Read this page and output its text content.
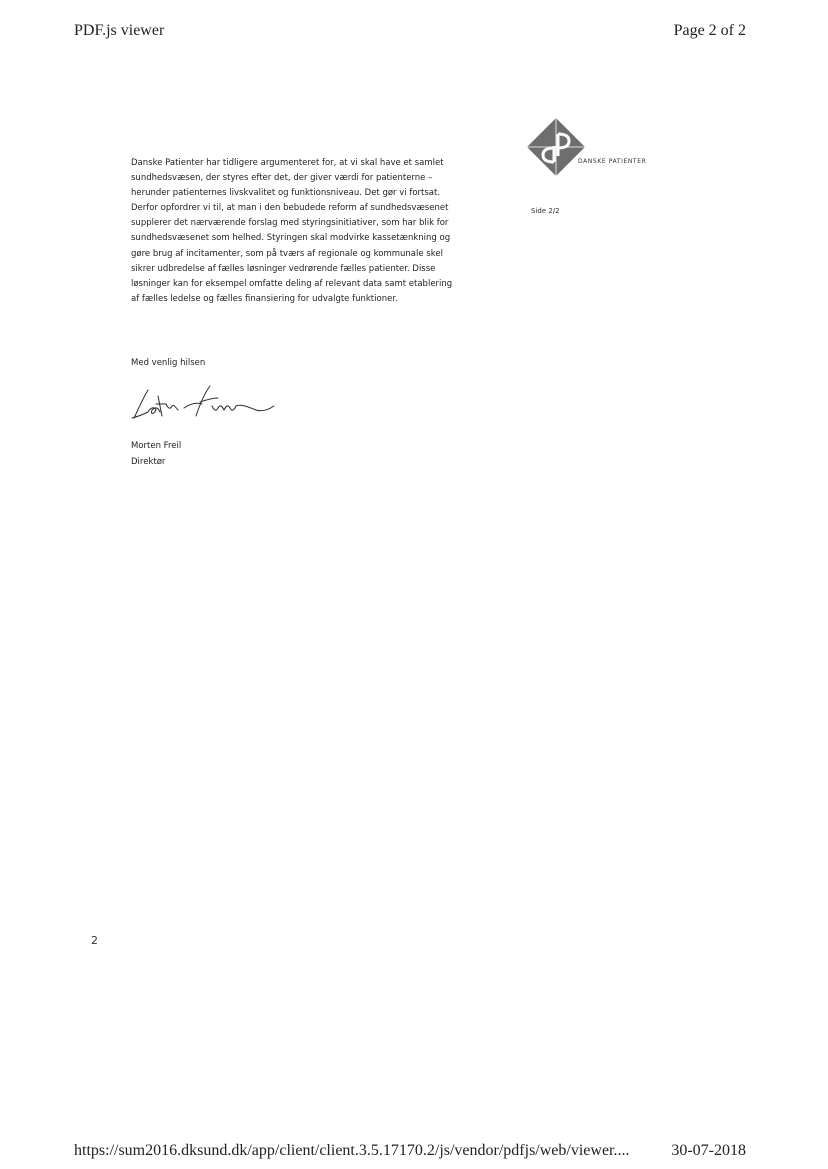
PDF.js viewer	Page 2 of 2
DANSKE PATIENTER
Side 2/2
Danske Patienter har tidligere argumenteret for, at vi skal have et samlet
sundhedsvæsen, der styres efter det, der giver værdi for patienterne –
herunder patienternes livskvalitet og funktionsniveau. Det gør vi fortsat.
Derfor opfordrer vi til, at man i den bebudede reform af sundhedsvæsenet
supplerer det nærværende forslag med styringsinitiativer, som har blik for
sundhedsvæsenet som helhed. Styringen skal modvirke kassetænkning og
gøre brug af incitamenter, som på tværs af regionale og kommunale skel
sikrer udbredelse af fælles løsninger vedrørende fælles patienter. Disse
løsninger kan for eksempel omfatte deling af relevant data samt etablering
af fælles ledelse og fælles finansiering for udvalgte funktioner.
Med venlig hilsen
Morten Freil
Direktør
2
https://sum2016.dksund.dk/app/client/client.3.5.17170.2/js/vendor/pdfjs/web/viewer....	30-07-2018
